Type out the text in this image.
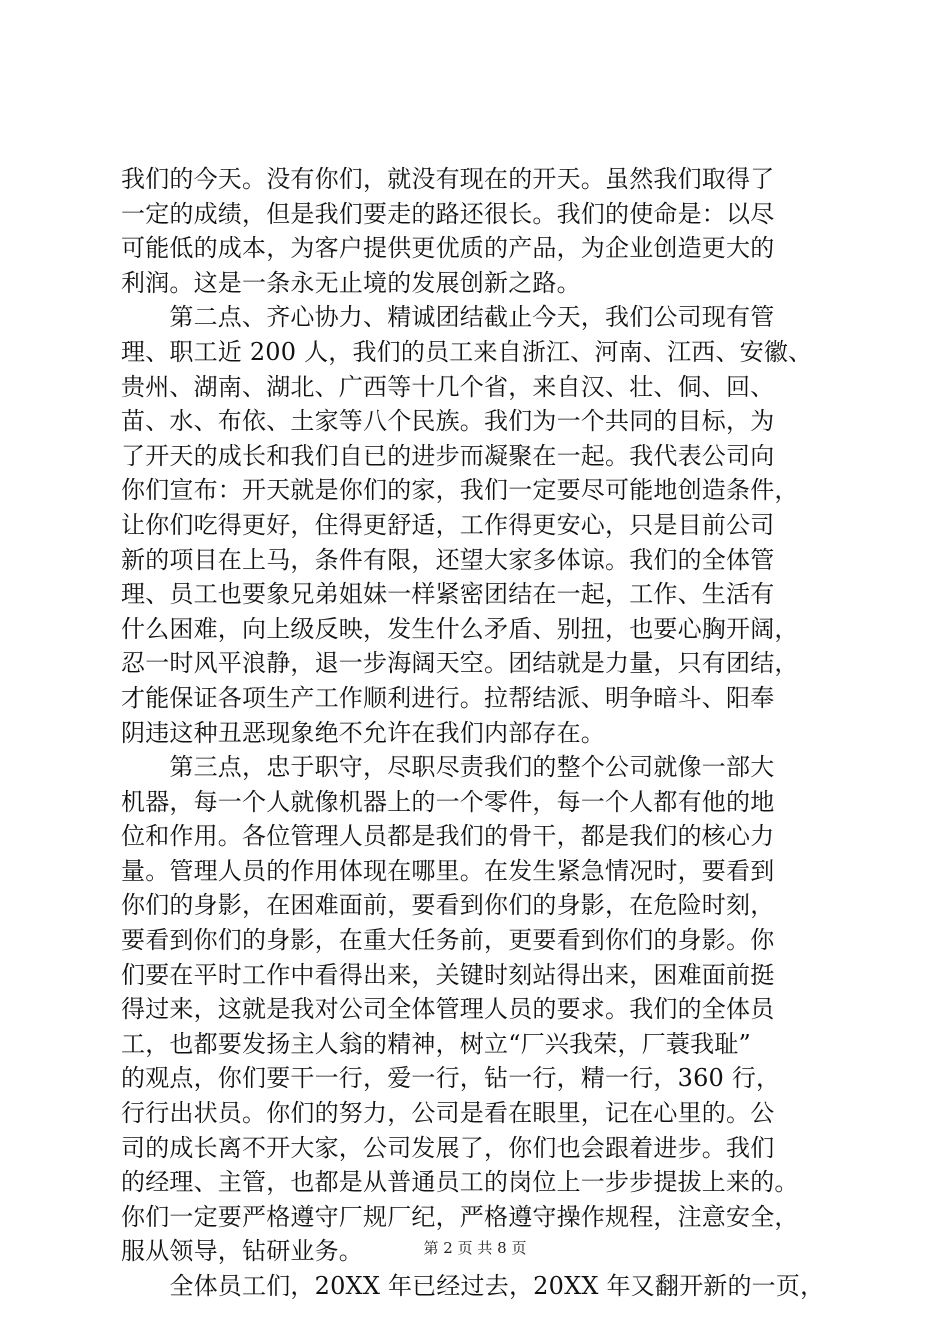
我们的今天。没有你们，就没有现在的开天。虽然我们取得了
一定的成绩，但是我们要走的路还很长。我们的使命是：以尽
可能低的成本，为客户提供更优质的产品，为企业创造更大的
利润。这是一条永无止境的发展创新之路。
　　第二点、齐心协力、精诚团结截止今天，我们公司现有管
理、职工近 200 人，我们的员工来自浙江、河南、江西、安徽、
贵州、湖南、湖北、广西等十几个省，来自汉、壮、侗、回、
苗、水、布依、土家等八个民族。我们为一个共同的目标，为
了开天的成长和我们自已的进步而凝聚在一起。我代表公司向
你们宣布：开天就是你们的家，我们一定要尽可能地创造条件，
让你们吃得更好，住得更舒适，工作得更安心，只是目前公司
新的项目在上马，条件有限，还望大家多体谅。我们的全体管
理、员工也要象兄弟姐妹一样紧密团结在一起，工作、生活有
什么困难，向上级反映，发生什么矛盾、别扭，也要心胸开阔，
忍一时风平浪静，退一步海阔天空。团结就是力量，只有团结，
才能保证各项生产工作顺利进行。拉帮结派、明争暗斗、阳奉
阴违这种丑恶现象绝不允许在我们内部存在。
　　第三点，忠于职守，尽职尽责我们的整个公司就像一部大
机器，每一个人就像机器上的一个零件，每一个人都有他的地
位和作用。各位管理人员都是我们的骨干，都是我们的核心力
量。管理人员的作用体现在哪里。在发生紧急情况时，要看到
你们的身影，在困难面前，要看到你们的身影，在危险时刻，
要看到你们的身影，在重大任务前，更要看到你们的身影。你
们要在平时工作中看得出来，关键时刻站得出来，困难面前挺
得过来，这就是我对公司全体管理人员的要求。我们的全体员
工，也都要发扬主人翁的精神，树立“厂兴我荣，厂蓑我耻”
的观点，你们要干一行，爱一行，钻一行，精一行，360 行，
行行出状员。你们的努力，公司是看在眼里，记在心里的。公
司的成长离不开大家，公司发展了，你们也会跟着进步。我们
的经理、主管，也都是从普通员工的岗位上一步步提拔上来的。
你们一定要严格遵守厂规厂纪，严格遵守操作规程，注意安全，
服从领导，钻研业务。
　　全体员工们，20XX 年已经过去，20XX 年又翻开新的一页，
第 2 页 共 8 页
